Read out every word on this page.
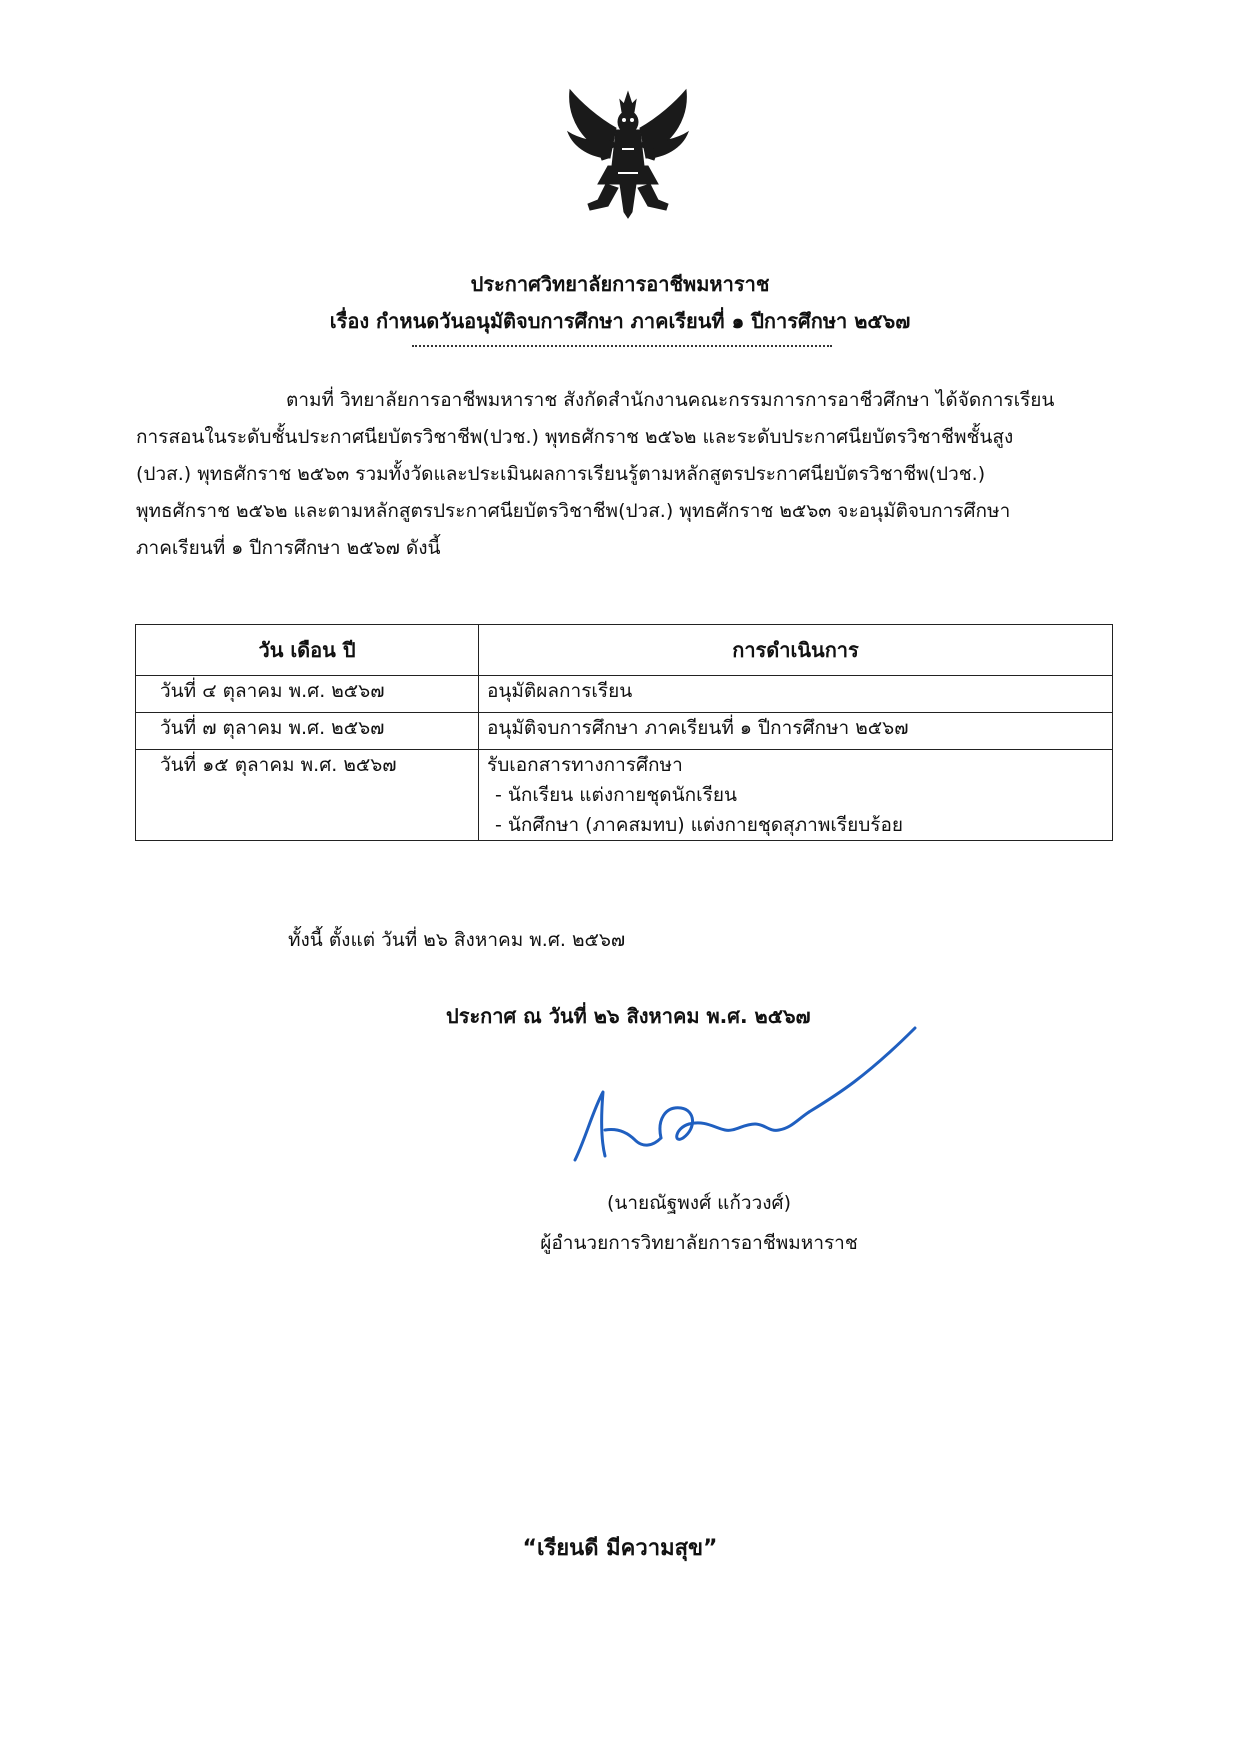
ประกาศวิทยาลัยการอาชีพมหาราช
เรื่อง กำหนดวันอนุมัติจบการศึกษา ภาคเรียนที่ ๑ ปีการศึกษา ๒๕๖๗
ตามที่ วิทยาลัยการอาชีพมหาราช สังกัดสำนักงานคณะกรรมการการอาชีวศึกษา ได้จัดการเรียน
การสอนในระดับชั้นประกาศนียบัตรวิชาชีพ(ปวช.) พุทธศักราช ๒๕๖๒ และระดับประกาศนียบัตรวิชาชีพชั้นสูง
(ปวส.) พุทธศักราช ๒๕๖๓ รวมทั้งวัดและประเมินผลการเรียนรู้ตามหลักสูตรประกาศนียบัตรวิชาชีพ(ปวช.)
พุทธศักราช ๒๕๖๒ และตามหลักสูตรประกาศนียบัตรวิชาชีพ(ปวส.) พุทธศักราช ๒๕๖๓ จะอนุมัติจบการศึกษา
ภาคเรียนที่ ๑ ปีการศึกษา ๒๕๖๗ ดังนี้
วัน เดือน ปี	การดำเนินการ
วันที่ ๔ ตุลาคม พ.ศ. ๒๕๖๗	อนุมัติผลการเรียน
วันที่ ๗ ตุลาคม พ.ศ. ๒๕๖๗	อนุมัติจบการศึกษา ภาคเรียนที่ ๑ ปีการศึกษา ๒๕๖๗
วันที่ ๑๕ ตุลาคม พ.ศ. ๒๕๖๗	รับเอกสารทางการศึกษา
- นักเรียน แต่งกายชุดนักเรียน
- นักศึกษา (ภาคสมทบ) แต่งกายชุดสุภาพเรียบร้อย
ทั้งนี้ ตั้งแต่ วันที่ ๒๖ สิงหาคม พ.ศ. ๒๕๖๗
ประกาศ ณ วันที่ ๒๖ สิงหาคม พ.ศ. ๒๕๖๗
(นายณัฐพงศ์ แก้ววงศ์)
ผู้อำนวยการวิทยาลัยการอาชีพมหาราช
“เรียนดี มีความสุข”
